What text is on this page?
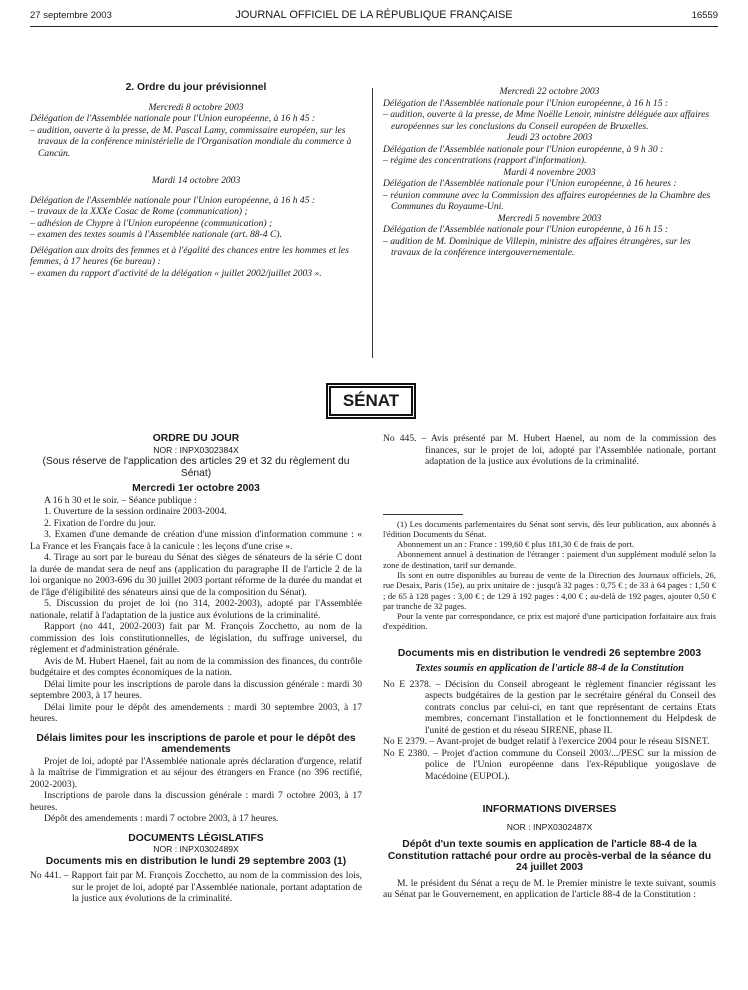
27 septembre 2003	JOURNAL OFFICIEL DE LA RÉPUBLIQUE FRANÇAISE	16559

2. Ordre du jour prévisionnel

Mercredi 8 octobre 2003

Délégation de l'Assemblée nationale pour l'Union européenne, à 16 h 45 :

– audition, ouverte à la presse, de M. Pascal Lamy, commissaire européen, sur les travaux de la conférence ministérielle de l'Organisation mondiale du commerce à Cancún.

Mardi 14 octobre 2003

Délégation de l'Assemblée nationale pour l'Union européenne, à 16 h 45 :

– travaux de la XXXe Cosac de Rome (communication) ;

– adhésion de Chypre à l'Union européenne (communication) ;

– examen des textes soumis à l'Assemblée nationale (art. 88-4 C).

Délégation aux droits des femmes et à l'égalité des chances entre les hommes et les femmes, à 17 heures (6e bureau) :

– examen du rapport d'activité de la délégation « juillet 2002/juillet 2003 ».

Mercredi 22 octobre 2003

Délégation de l'Assemblée nationale pour l'Union européenne, à 16 h 15 :

– audition, ouverte à la presse, de Mme Noëlle Lenoir, ministre déléguée aux affaires européennes sur les conclusions du Conseil européen de Bruxelles.

Jeudi 23 octobre 2003

Délégation de l'Assemblée nationale pour l'Union européenne, à 9 h 30 :

– régime des concentrations (rapport d'information).

Mardi 4 novembre 2003

Délégation de l'Assemblée nationale pour l'Union européenne, à 16 heures :

– réunion commune avec la Commission des affaires européennes de la Chambre des Communes du Royaume-Uni.

Mercredi 5 novembre 2003

Délégation de l'Assemblée nationale pour l'Union européenne, à 16 h 15 :

– audition de M. Dominique de Villepin, ministre des affaires étrangères, sur les travaux de la conférence intergouvernementale.

SÉNAT

ORDRE DU JOUR

NOR : INPX0302384X

(Sous réserve de l'application des articles 29 et 32 du règlement du Sénat)

Mercredi 1er octobre 2003

A 16 h 30 et le soir. – Séance publique :

1. Ouverture de la session ordinaire 2003-2004.

2. Fixation de l'ordre du jour.

3. Examen d'une demande de création d'une mission d'information commune : « La France et les Français face à la canicule : les leçons d'une crise ».

4. Tirage au sort par le bureau du Sénat des sièges de sénateurs de la série C dont la durée de mandat sera de neuf ans (application du paragraphe II de l'article 2 de la loi organique no 2003-696 du 30 juillet 2003 portant réforme de la durée du mandat et de l'âge d'éligibilité des sénateurs ainsi que de la composition du Sénat).

5. Discussion du projet de loi (no 314, 2002-2003), adopté par l'Assemblée nationale, relatif à l'adaptation de la justice aux évolutions de la criminalité.

Rapport (no 441, 2002-2003) fait par M. François Zocchetto, au nom de la commission des lois constitutionnelles, de législation, du suffrage universel, du règlement et d'administration générale.

Avis de M. Hubert Haenel, fait au nom de la commission des finances, du contrôle budgétaire et des comptes économiques de la nation.

Délai limite pour les inscriptions de parole dans la discussion générale : mardi 30 septembre 2003, à 17 heures.

Délai limite pour le dépôt des amendements : mardi 30 septembre 2003, à 17 heures.

Délais limites pour les inscriptions de parole et pour le dépôt des amendements

Projet de loi, adopté par l'Assemblée nationale après déclaration d'urgence, relatif à la maîtrise de l'immigration et au séjour des étrangers en France (no 396 rectifié, 2002-2003).

Inscriptions de parole dans la discussion générale : mardi 7 octobre 2003, à 17 heures.

Dépôt des amendements : mardi 7 octobre 2003, à 17 heures.

DOCUMENTS LÉGISLATIFS

NOR : INPX0302489X

Documents mis en distribution le lundi 29 septembre 2003 (1)

No 441. – Rapport fait par M. François Zocchetto, au nom de la commission des lois, sur le projet de loi, adopté par l'Assemblée nationale, portant adaptation de la justice aux évolutions de la criminalité.

No 445. – Avis présenté par M. Hubert Haenel, au nom de la commission des finances, sur le projet de loi, adopté par l'Assemblée nationale, portant adaptation de la justice aux évolutions de la criminalité.

(1) Les documents parlementaires du Sénat sont servis, dès leur publication, aux abonnés à l'édition Documents du Sénat.

Abonnement un an : France : 199,60 € plus 181,30 € de frais de port.

Abonnement annuel à destination de l'étranger : paiement d'un supplément modulé selon la zone de destination, tarif sur demande.

Ils sont en outre disponibles au bureau de vente de la Direction des Journaux officiels, 26, rue Desaix, Paris (15e), au prix unitaire de : jusqu'à 32 pages : 0,75 € ; de 33 à 64 pages : 1,50 € ; de 65 à 128 pages : 3,00 € ; de 129 à 192 pages : 4,00 € ; au-delà de 192 pages, ajouter 0,50 € par tranche de 32 pages.

Pour la vente par correspondance, ce prix est majoré d'une participation forfaitaire aux frais d'expédition.

Documents mis en distribution le vendredi 26 septembre 2003

Textes soumis en application de l'article 88-4 de la Constitution

No E 2378. – Décision du Conseil abrogeant le règlement financier régissant les aspects budgétaires de la gestion par le secrétaire général du Conseil des contrats conclus par celui-ci, en tant que représentant de certains Etats membres, concernant l'installation et le fonctionnement du Helpdesk de l'unité de gestion et du réseau SIRENE, phase II.

No E 2379. – Avant-projet de budget relatif à l'exercice 2004 pour le réseau SISNET.

No E 2380. – Projet d'action commune du Conseil 2003/.../PESC sur la mission de police de l'Union européenne dans l'ex-République yougoslave de Macédoine (EUPOL).

INFORMATIONS DIVERSES

NOR : INPX0302487X

Dépôt d'un texte soumis en application de l'article 88-4 de la Constitution rattaché pour ordre au procès-verbal de la séance du 24 juillet 2003

M. le président du Sénat a reçu de M. le Premier ministre le texte suivant, soumis au Sénat par le Gouvernement, en application de l'article 88-4 de la Constitution :
